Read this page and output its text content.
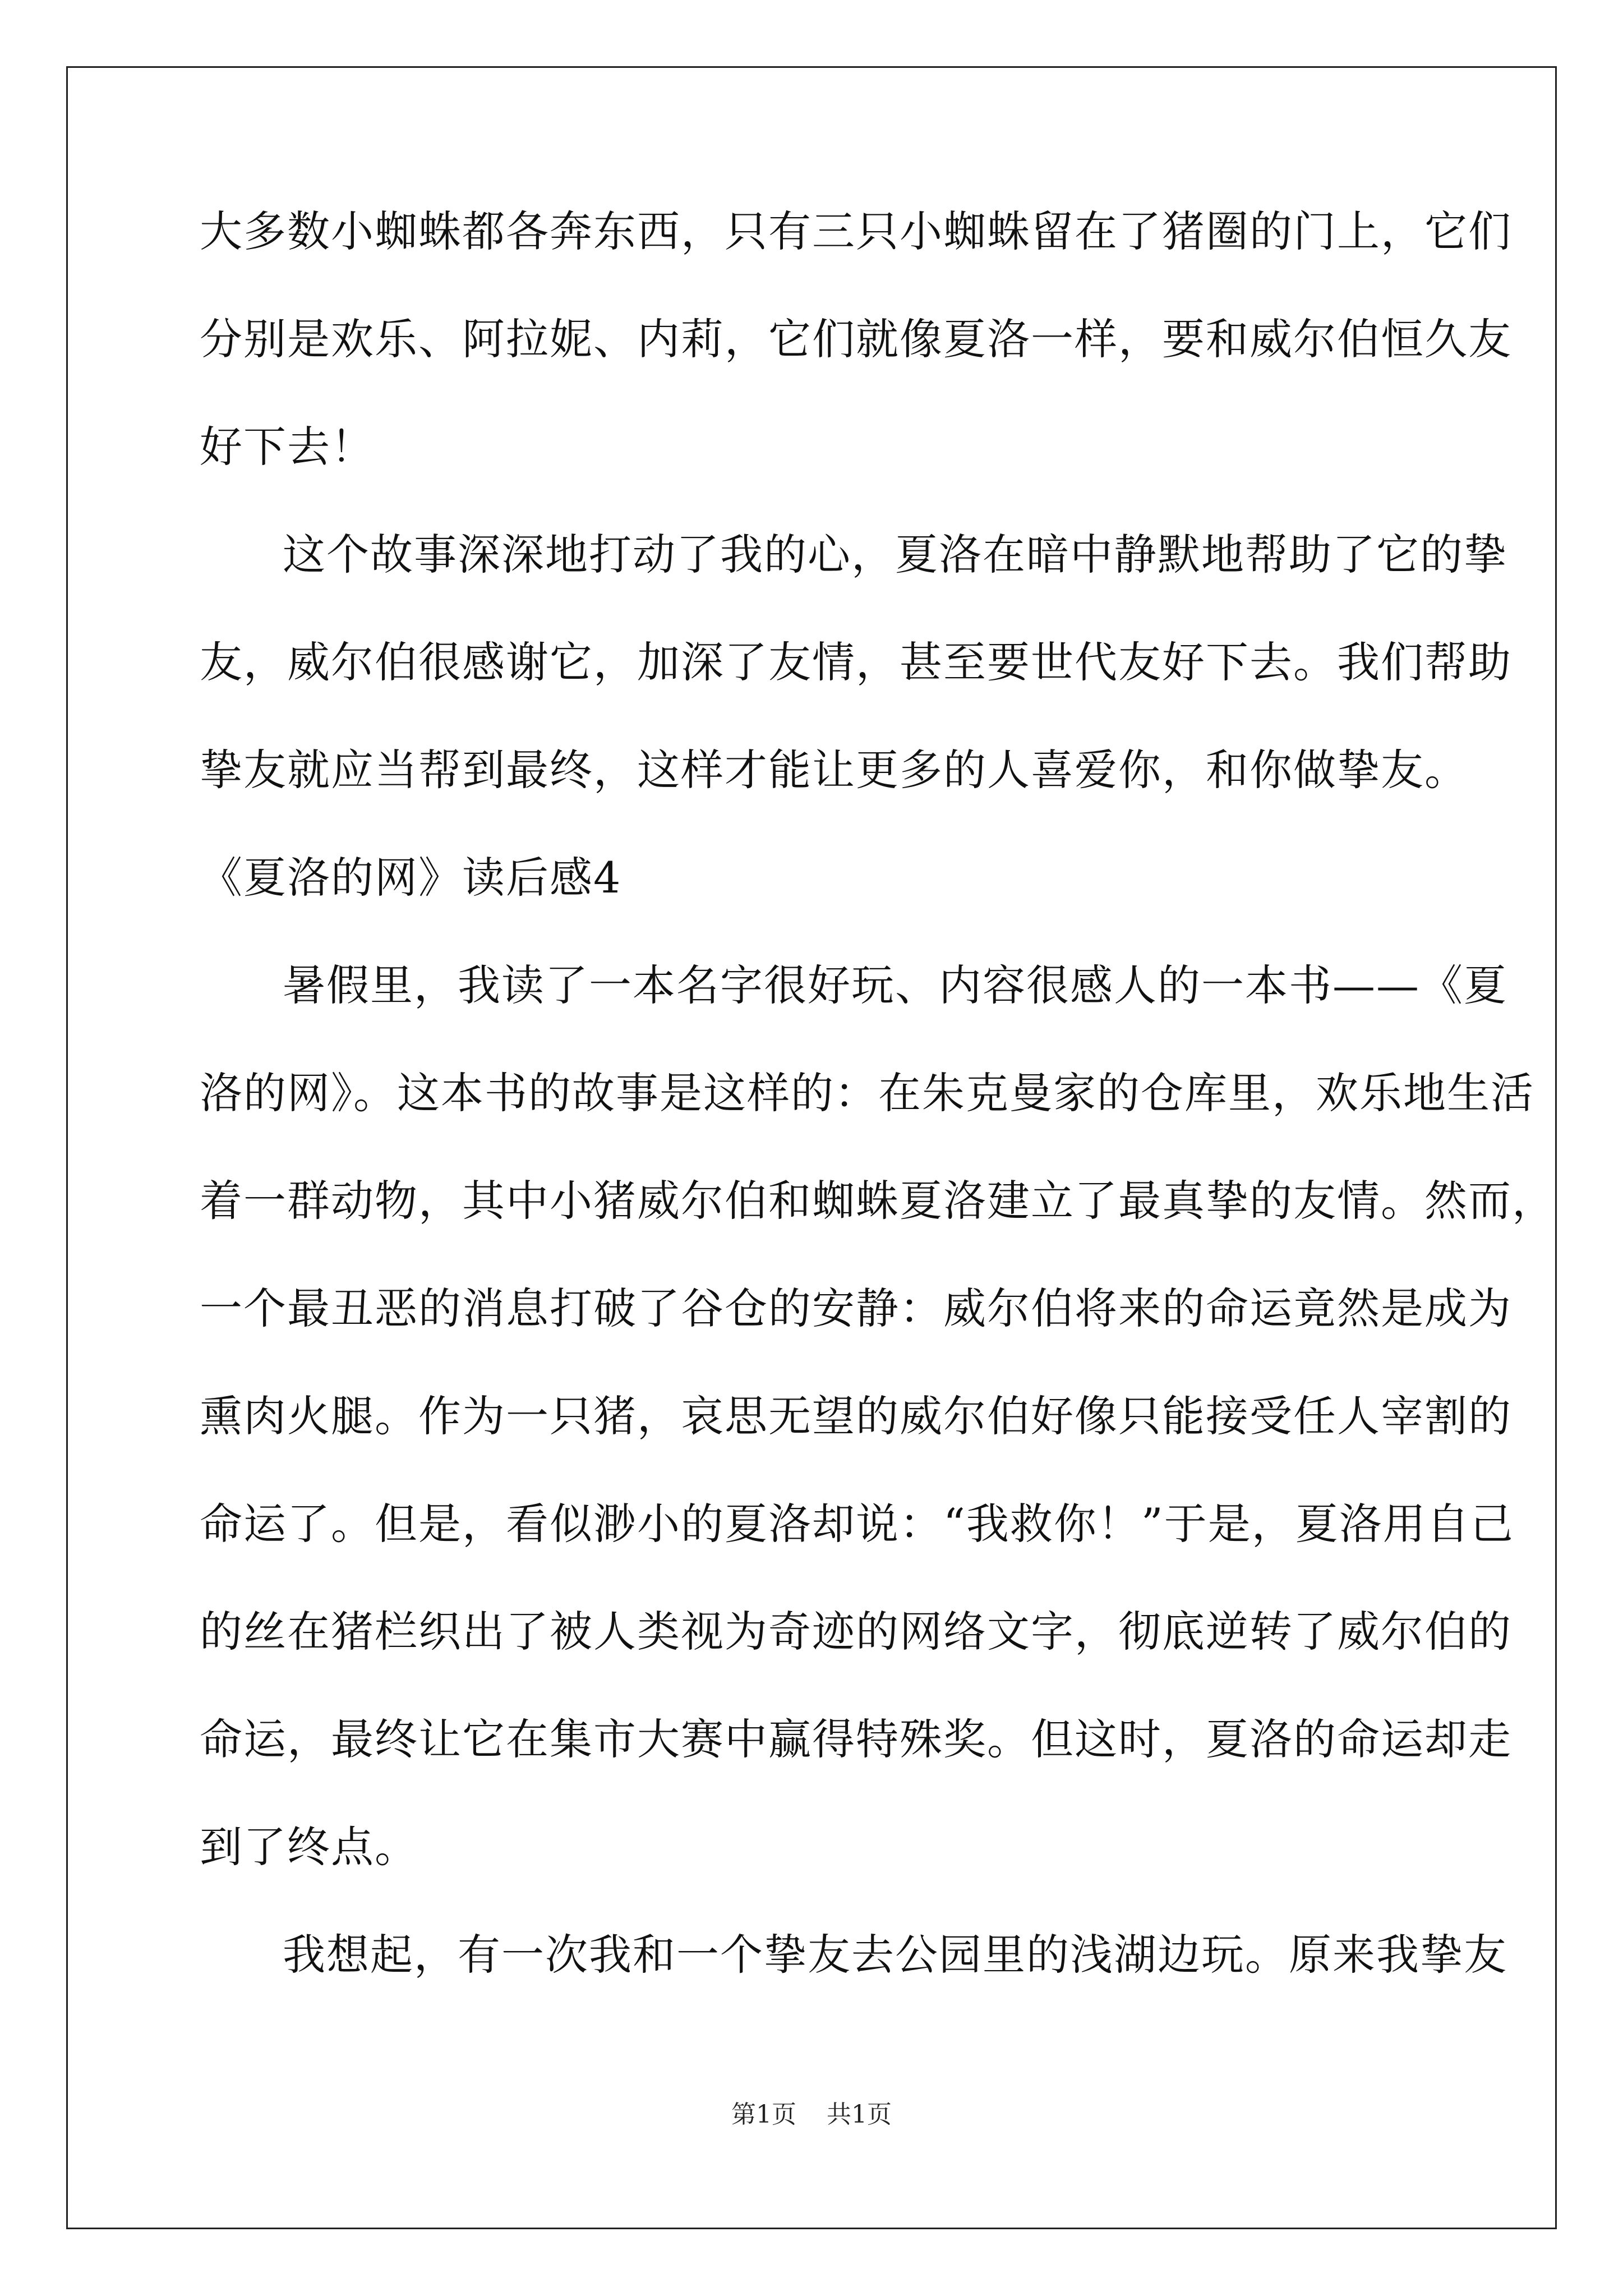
大多数小蜘蛛都各奔东西，只有三只小蜘蛛留在了猪圈的门上，它们
分别是欢乐、阿拉妮、内莉，它们就像夏洛一样，要和威尔伯恒久友
好下去！
这个故事深深地打动了我的心，夏洛在暗中静默地帮助了它的挚
友，威尔伯很感谢它，加深了友情，甚至要世代友好下去。我们帮助
挚友就应当帮到最终，这样才能让更多的人喜爱你，和你做挚友。
《夏洛的网》读后感4
暑假里，我读了一本名字很好玩、内容很感人的一本书——《夏
洛的网》。这本书的故事是这样的：在朱克曼家的仓库里，欢乐地生活
着一群动物，其中小猪威尔伯和蜘蛛夏洛建立了最真挚的友情。然而，
一个最丑恶的消息打破了谷仓的安静：威尔伯将来的命运竟然是成为
熏肉火腿。作为一只猪，哀思无望的威尔伯好像只能接受任人宰割的
命运了。但是，看似渺小的夏洛却说：“我救你！”于是，夏洛用自己
的丝在猪栏织出了被人类视为奇迹的网络文字，彻底逆转了威尔伯的
命运，最终让它在集市大赛中赢得特殊奖。但这时，夏洛的命运却走
到了终点。
我想起，有一次我和一个挚友去公园里的浅湖边玩。原来我挚友
第1页 共1页
